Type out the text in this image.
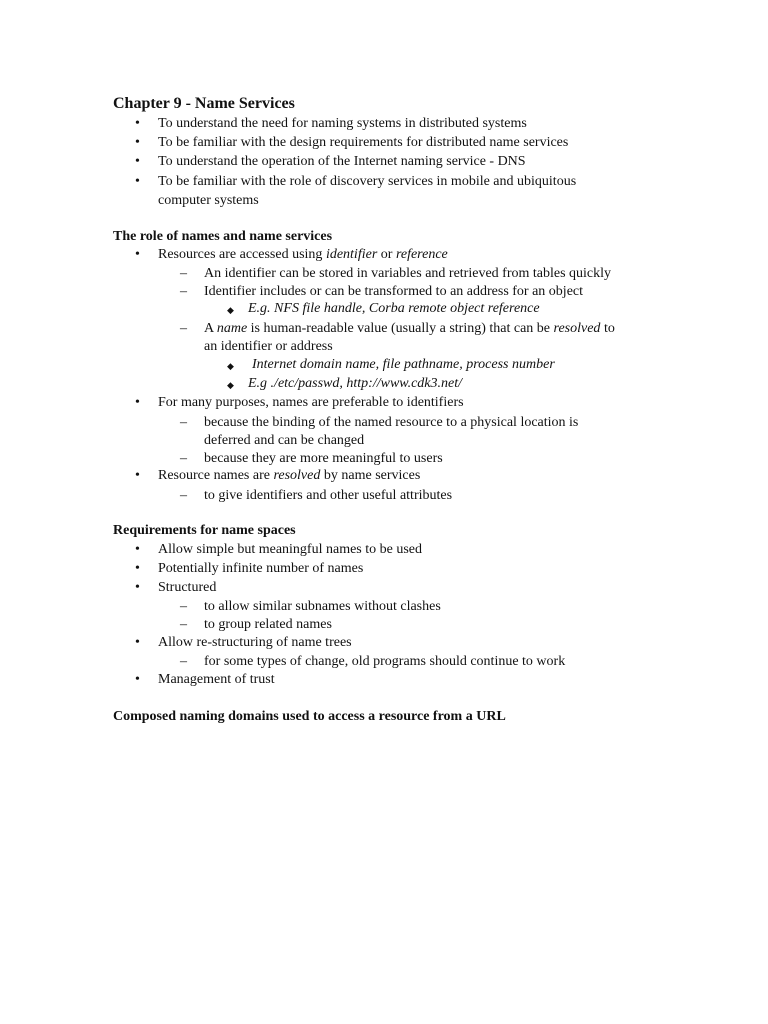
Chapter 9 - Name Services
• To understand the need for naming systems in distributed systems
• To be familiar with the design requirements for distributed name services
• To understand the operation of the Internet naming service - DNS
• To be familiar with the role of discovery services in mobile and ubiquitous
computer systems
The role of names and name services
• Resources are accessed using identifier or reference
– An identifier can be stored in variables and retrieved from tables quickly
– Identifier includes or can be transformed to an address for an object
◆ E.g. NFS file handle, Corba remote object reference
– A name is human-readable value (usually a string) that can be resolved to
an identifier or address
◆ Internet domain name, file pathname, process number
◆ E.g ./etc/passwd, http://www.cdk3.net/
• For many purposes, names are preferable to identifiers
– because the binding of the named resource to a physical location is
deferred and can be changed
– because they are more meaningful to users
• Resource names are resolved by name services
– to give identifiers and other useful attributes
Requirements for name spaces
• Allow simple but meaningful names to be used
• Potentially infinite number of names
• Structured
– to allow similar subnames without clashes
– to group related names
• Allow re-structuring of name trees
– for some types of change, old programs should continue to work
• Management of trust
Composed naming domains used to access a resource from a URL
